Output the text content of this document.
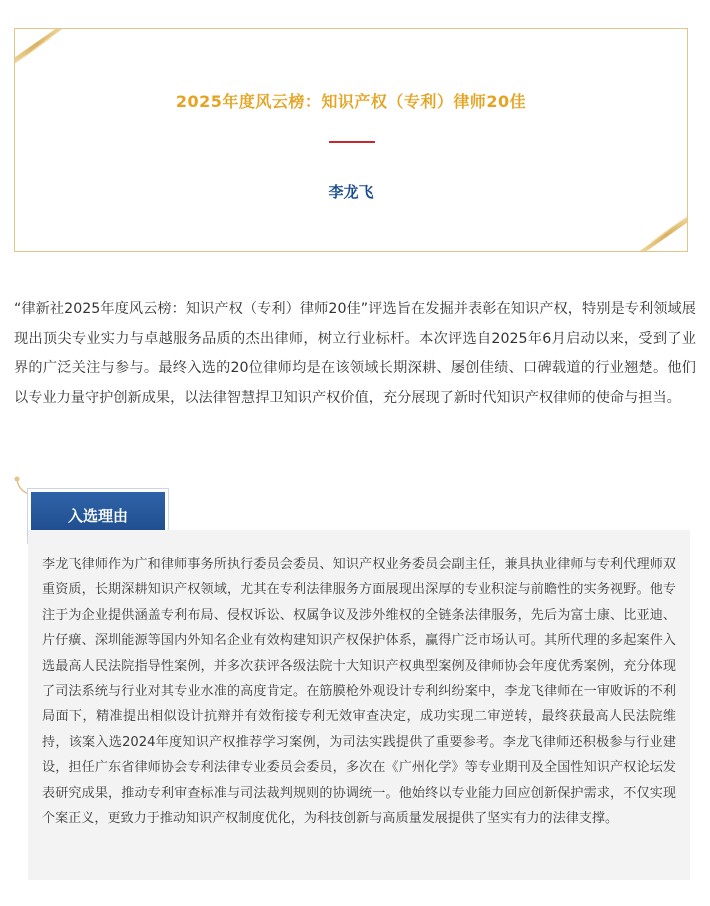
2025年度风云榜：知识产权（专利）律师20佳
李龙飞

“律新社2025年度风云榜：知识产权（专利）律师20佳”评选旨在发掘并表彰在知识产权，特别是专利领域展现出顶尖专业实力与卓越服务品质的杰出律师，树立行业标杆。本次评选自2025年6月启动以来，受到了业界的广泛关注与参与。最终入选的20位律师均是在该领域长期深耕、屡创佳绩、口碑载道的行业翘楚。他们以专业力量守护创新成果，以法律智慧捍卫知识产权价值，充分展现了新时代知识产权律师的使命与担当。

入选理由

李龙飞律师作为广和律师事务所执行委员会委员、知识产权业务委员会副主任，兼具执业律师与专利代理师双重资质，长期深耕知识产权领域，尤其在专利法律服务方面展现出深厚的专业积淀与前瞻性的实务视野。他专注于为企业提供涵盖专利布局、侵权诉讼、权属争议及涉外维权的全链条法律服务，先后为富士康、比亚迪、片仔癀、深圳能源等国内外知名企业有效构建知识产权保护体系，赢得广泛市场认可。其所代理的多起案件入选最高人民法院指导性案例，并多次获评各级法院十大知识产权典型案例及律师协会年度优秀案例，充分体现了司法系统与行业对其专业水准的高度肯定。在筋膜枪外观设计专利纠纷案中，李龙飞律师在一审败诉的不利局面下，精准提出相似设计抗辩并有效衔接专利无效审查决定，成功实现二审逆转，最终获最高人民法院维持，该案入选2024年度知识产权推荐学习案例，为司法实践提供了重要参考。李龙飞律师还积极参与行业建设，担任广东省律师协会专利法律专业委员会委员，多次在《广州化学》等专业期刊及全国性知识产权论坛发表研究成果，推动专利审查标准与司法裁判规则的协调统一。他始终以专业能力回应创新保护需求，不仅实现个案正义，更致力于推动知识产权制度优化，为科技创新与高质量发展提供了坚实有力的法律支撑。
